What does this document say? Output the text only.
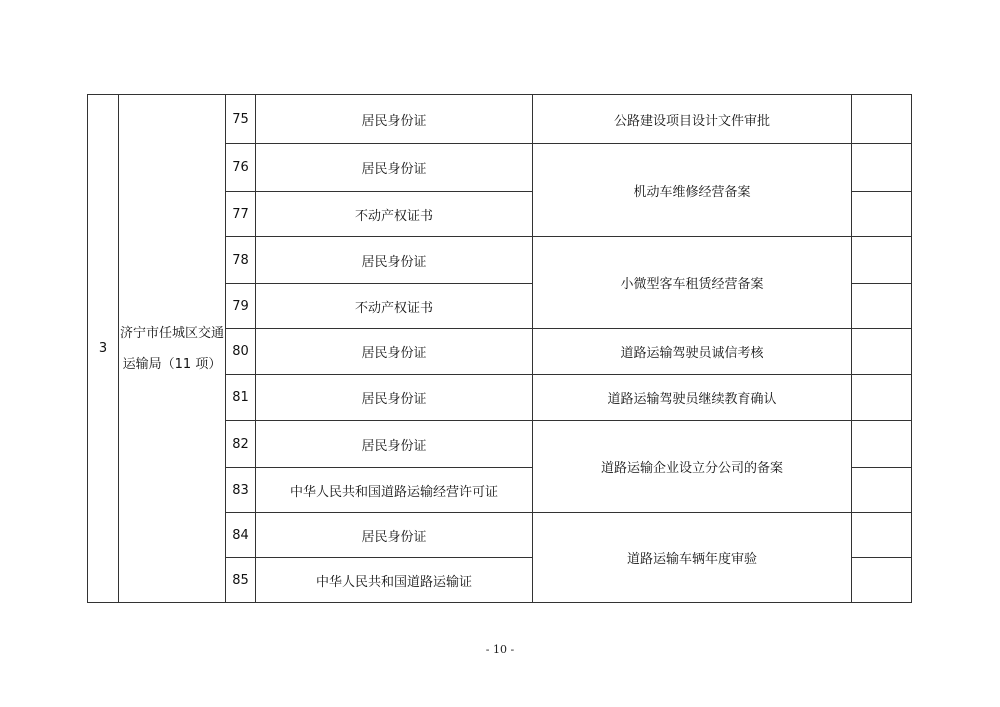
3	济宁市任城区交通
运输局（11 项）	75	居民身份证	公路建设项目设计文件审批	
		76	居民身份证	机动车维修经营备案	
		77	不动产权证书		
		78	居民身份证	小微型客车租赁经营备案	
		79	不动产权证书		
		80	居民身份证	道路运输驾驶员诚信考核	
		81	居民身份证	道路运输驾驶员继续教育确认	
		82	居民身份证	道路运输企业设立分公司的备案	
		83	中华人民共和国道路运输经营许可证		
		84	居民身份证	道路运输车辆年度审验	
		85	中华人民共和国道路运输证		
- 10 -
